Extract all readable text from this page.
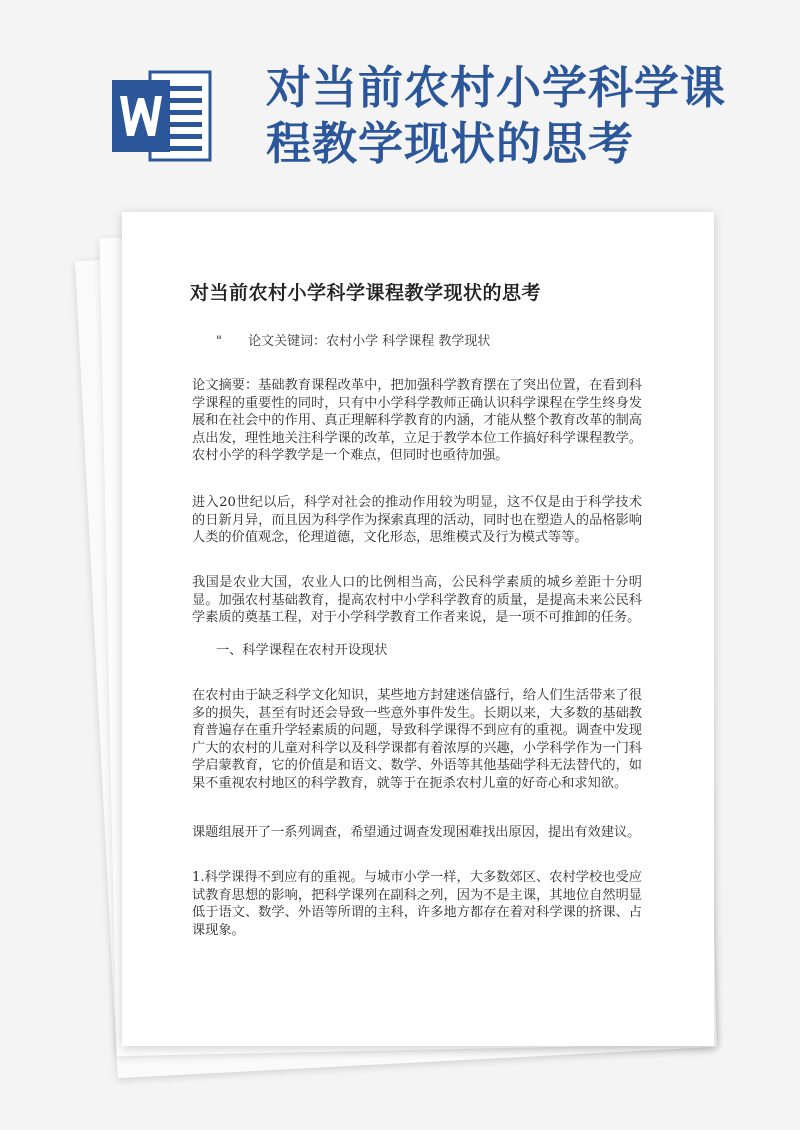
对当前农村小学科学课
程教学现状的思考
对当前农村小学科学课程教学现状的思考
" 论文关键词：农村小学 科学课程 教学现状

论文摘要：基础教育课程改革中，把加强科学教育摆在了突出位置，在看到科学课程的重要性的同时，只有中小学科学教师正确认识科学课程在学生终身发展和在社会中的作用、真正理解科学教育的内涵，才能从整个教育改革的制高点出发，理性地关注科学课的改革，立足于教学本位工作搞好科学课程教学。农村小学的科学教学是一个难点，但同时也亟待加强。

进入20世纪以后，科学对社会的推动作用较为明显，这不仅是由于科学技术的日新月异，而且因为科学作为探索真理的活动，同时也在塑造人的品格影响人类的价值观念，伦理道德，文化形态，思维模式及行为模式等等。

我国是农业大国，农业人口的比例相当高，公民科学素质的城乡差距十分明显。加强农村基础教育，提高农村中小学科学教育的质量，是提高未来公民科学素质的奠基工程，对于小学科学教育工作者来说，是一项不可推卸的任务。

一、科学课程在农村开设现状

在农村由于缺乏科学文化知识，某些地方封建迷信盛行，给人们生活带来了很多的损失，甚至有时还会导致一些意外事件发生。长期以来，大多数的基础教育普遍存在重升学轻素质的问题，导致科学课得不到应有的重视。调查中发现广大的农村的儿童对科学以及科学课都有着浓厚的兴趣，小学科学作为一门科学启蒙教育，它的价值是和语文、数学、外语等其他基础学科无法替代的，如果不重视农村地区的科学教育，就等于在扼杀农村儿童的好奇心和求知欲。

课题组展开了一系列调查，希望通过调查发现困难找出原因，提出有效建议。

1.科学课得不到应有的重视。与城市小学一样，大多数郊区、农村学校也受应试教育思想的影响，把科学课列在副科之列，因为不是主课，其地位自然明显低于语文、数学、外语等所谓的主科，许多地方都存在着对科学课的挤课、占课现象。
